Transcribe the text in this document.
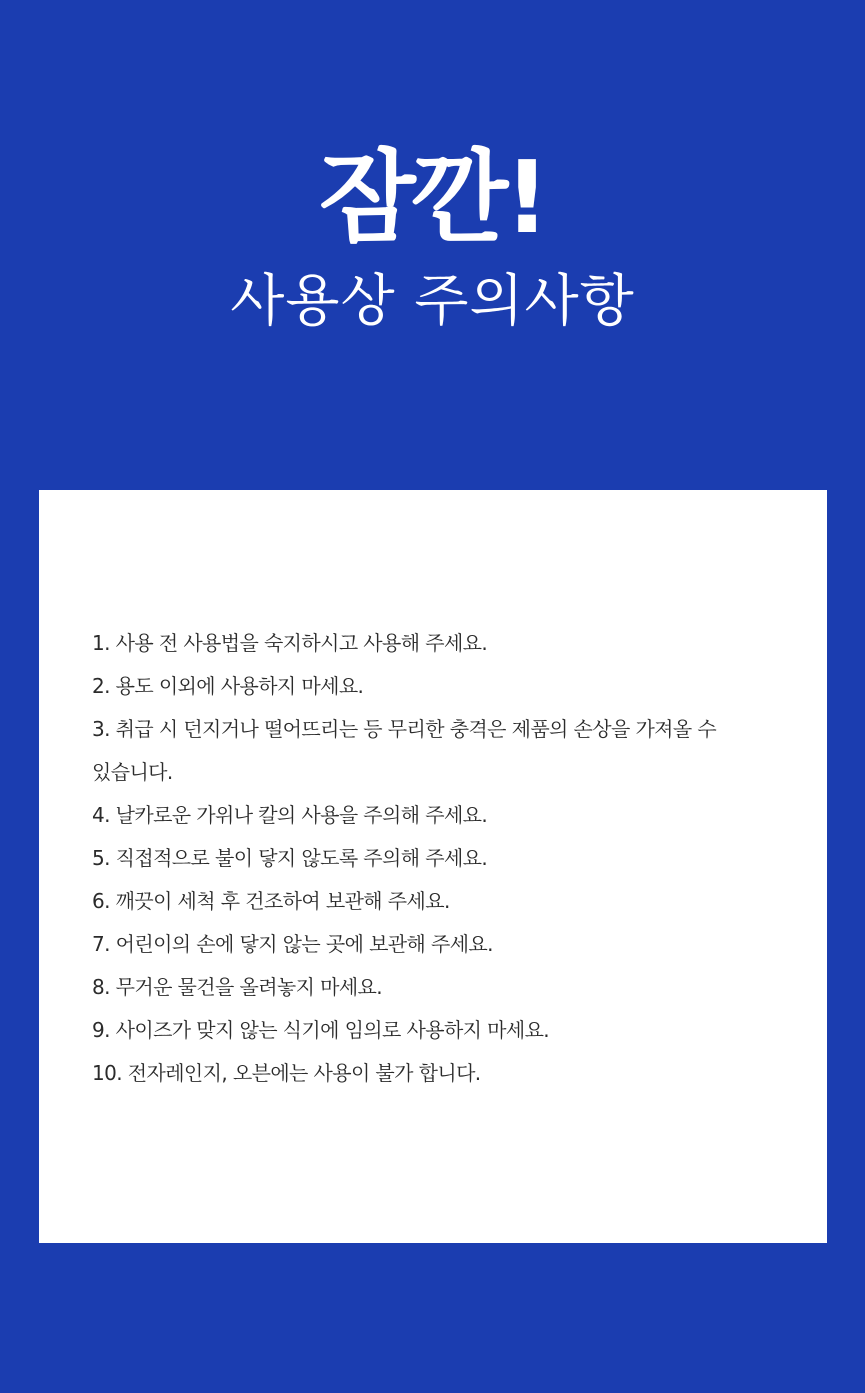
잠깐!
사용상 주의사항
1. 사용 전 사용법을 숙지하시고 사용해 주세요.
2. 용도 이외에 사용하지 마세요.
3. 취급 시 던지거나 떨어뜨리는 등 무리한 충격은 제품의 손상을 가져올 수 있습니다.
4. 날카로운 가위나 칼의 사용을 주의해 주세요.
5. 직접적으로 불이 닿지 않도록 주의해 주세요.
6. 깨끗이 세척 후 건조하여 보관해 주세요.
7. 어린이의 손에 닿지 않는 곳에 보관해 주세요.
8. 무거운 물건을 올려놓지 마세요.
9. 사이즈가 맞지 않는 식기에 임의로 사용하지 마세요.
10. 전자레인지, 오븐에는 사용이 불가 합니다.
